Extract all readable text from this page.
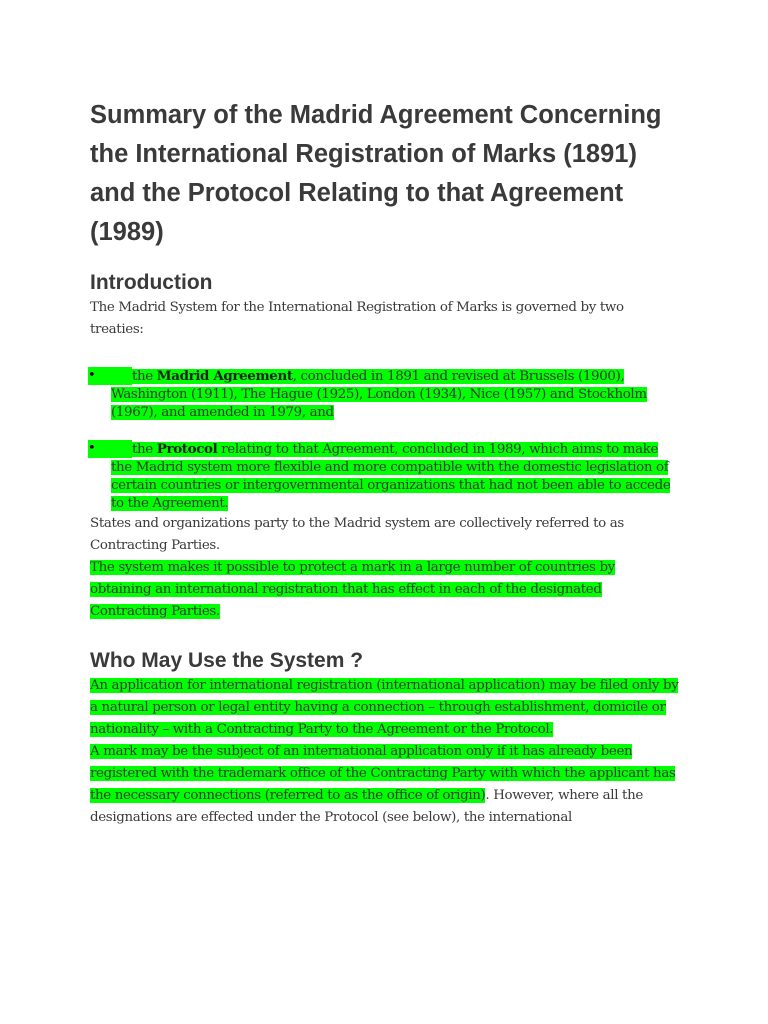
Summary of the Madrid Agreement Concerning the International Registration of Marks (1891) and the Protocol Relating to that Agreement (1989)
Introduction

The Madrid System for the International Registration of Marks is governed by two treaties:

•	the Madrid Agreement, concluded in 1891 and revised at Brussels (1900), Washington (1911), The Hague (1925), London (1934), Nice (1957) and Stockholm (1967), and amended in 1979, and
•	the Protocol relating to that Agreement, concluded in 1989, which aims to make the Madrid system more flexible and more compatible with the domestic legislation of certain countries or intergovernmental organizations that had not been able to accede to the Agreement.

States and organizations party to the Madrid system are collectively referred to as Contracting Parties.

The system makes it possible to protect a mark in a large number of countries by obtaining an international registration that has effect in each of the designated Contracting Parties.

Who May Use the System ?

An application for international registration (international application) may be filed only by a natural person or legal entity having a connection – through establishment, domicile or nationality – with a Contracting Party to the Agreement or the Protocol.

A mark may be the subject of an international application only if it has already been registered with the trademark office of the Contracting Party with which the applicant has the necessary connections (referred to as the office of origin). However, where all the designations are effected under the Protocol (see below), the international
